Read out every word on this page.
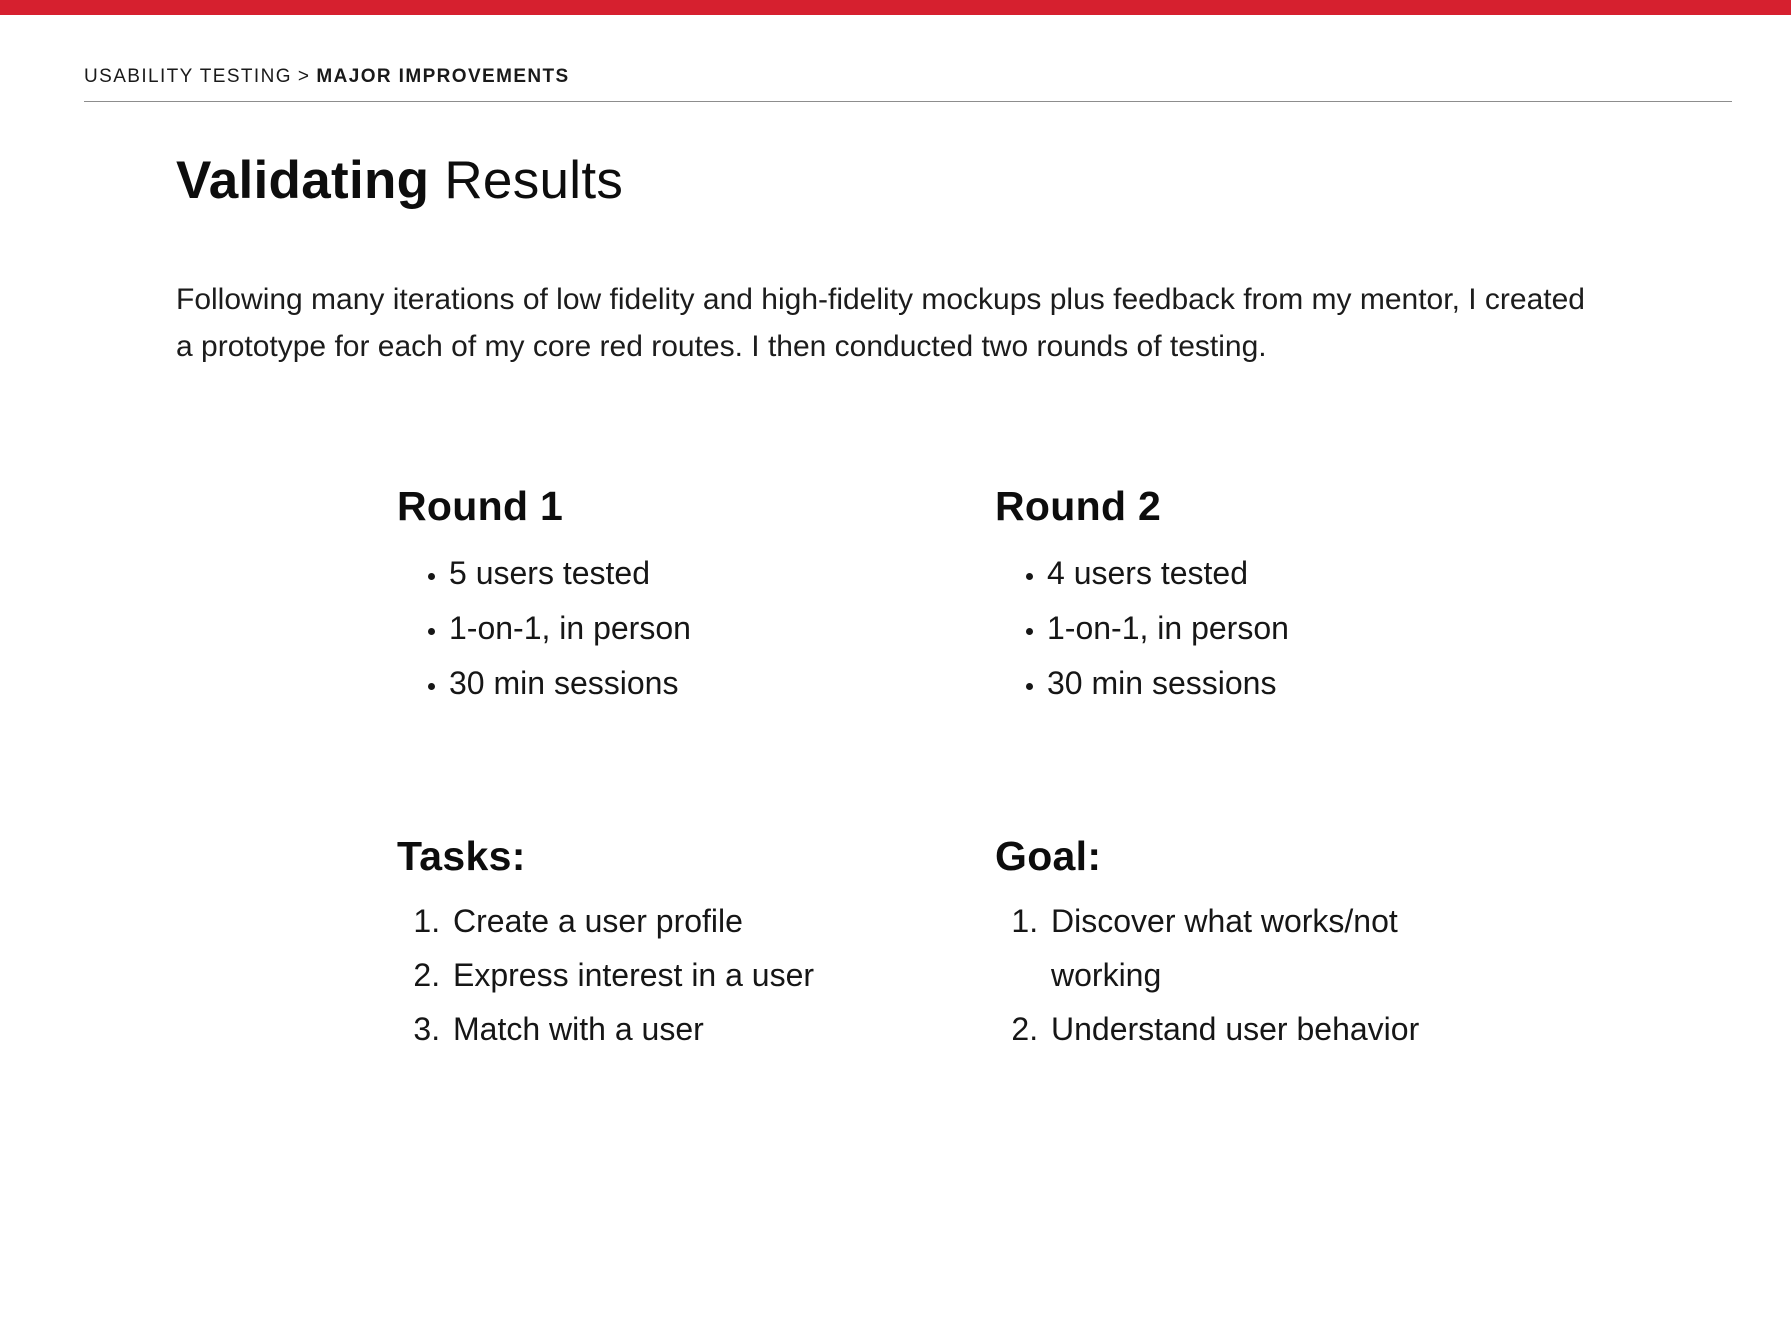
USABILITY TESTING > MAJOR IMPROVEMENTS
Validating Results

Following many iterations of low fidelity and high-fidelity mockups plus feedback from my mentor, I created a prototype for each of my core red routes. I then conducted two rounds of testing.

Round 1
• 5 users tested
• 1-on-1, in person
• 30 min sessions
Round 2
• 4 users tested
• 1-on-1, in person
• 30 min sessions
Tasks:
1. Create a user profile
2. Express interest in a user
3. Match with a user
Goal:
1. Discover what works/not working
2. Understand user behavior
